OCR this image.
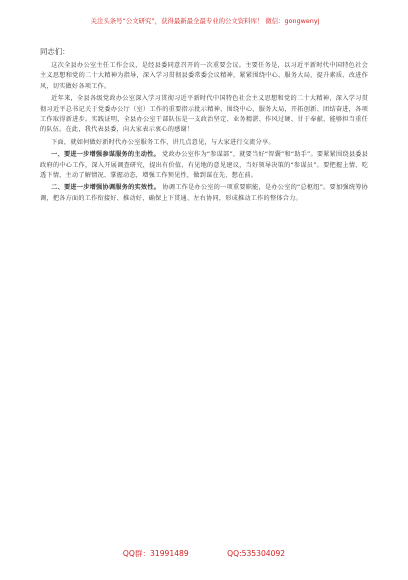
关注头条号“公文研究”，获得最新最全最专业的公文资料库！ 微信：gongwenyj
同志们：

这次全县办公室主任工作会议，是经县委同意召开的一次重要会议。主要任务是，以习近平新时代中国特色社会主义思想和党的二十大精神为指导，深入学习贯彻县委常委会议精神，紧紧围绕中心、服务大局，提升素质、改进作风，切实做好各项工作。

近年来，全县各级党政办公室深入学习贯彻习近平新时代中国特色社会主义思想和党的二十大精神，深入学习贯彻习近平总书记关于党委办公厅（室）工作的重要指示批示精神，围绕中心、服务大局，开拓创新、团结奋进，各项工作取得新进步。实践证明，全县办公室干部队伍是一支政治坚定、业务精湛、作风过硬、甘于奉献、能够担当重任的队伍。在此，我代表县委，向大家表示衷心的感谢！

下面，就如何做好新时代办公室服务工作，讲几点意见，与大家进行交流分享。

一、要进一步增强参谋服务的主动性。 党政办公室作为“参谋部”，就要当好“智囊”和“助手”。要紧紧围绕县委县政府的中心工作，深入开展调查研究，提出有价值、有见地的意见建议，当好领导决策的“参谋员”。要把握上情、吃透下情，主动了解情况、掌握动态，增强工作预见性，做到谋在先、想在前。

二、要进一步增强协调服务的实效性。 协调工作是办公室的一项重要职能，是办公室的“总枢纽”。要加强统筹协调，把各方面的工作衔接好、推动好，确保上下贯通、左右协同，形成推动工作的整体合力。

QQ群：31991489	QQ:535304092
